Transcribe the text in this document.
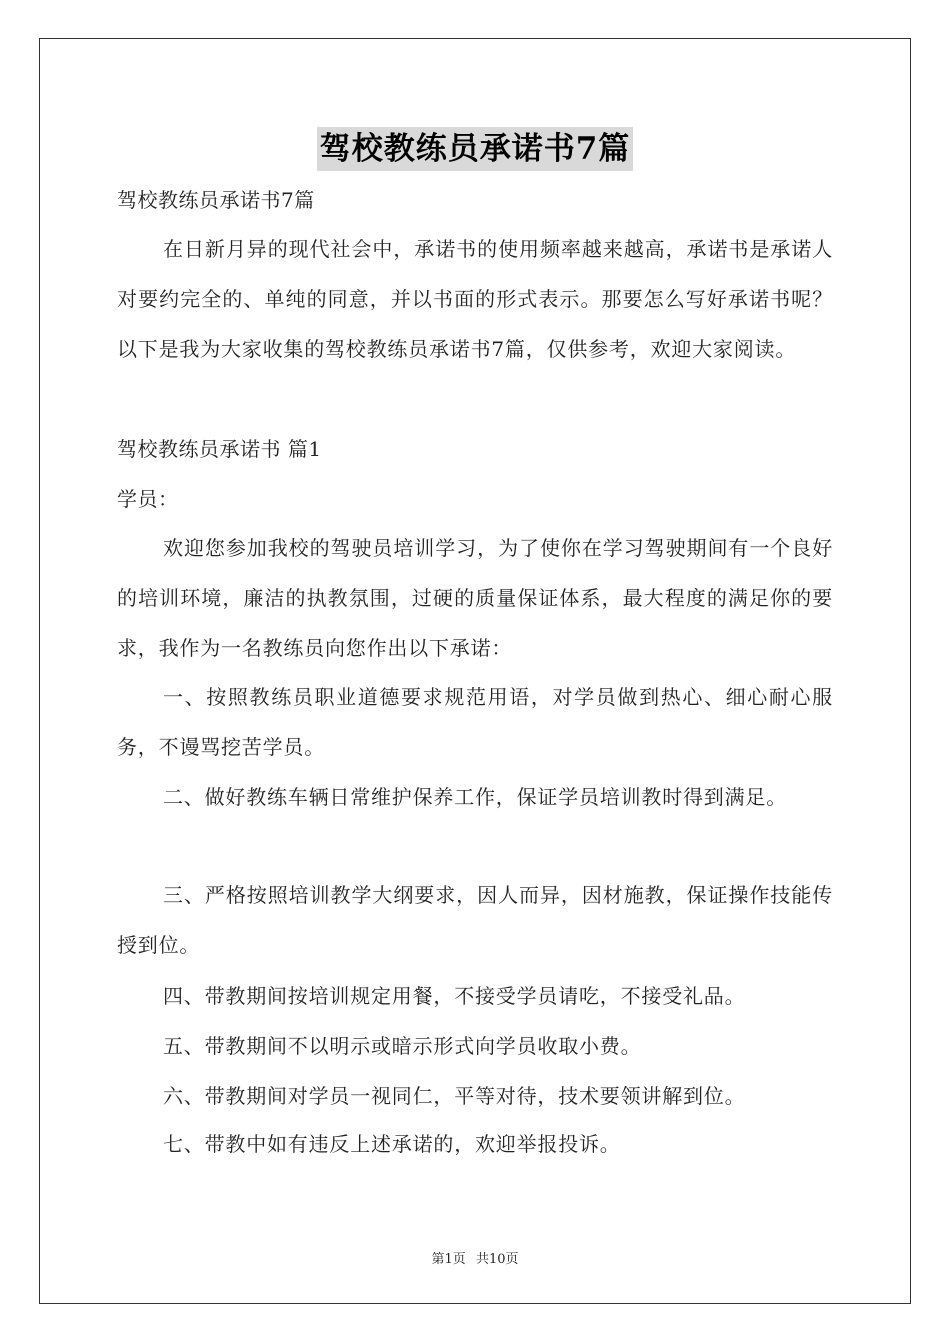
驾校教练员承诺书7篇
驾校教练员承诺书7篇
在日新月异的现代社会中，承诺书的使用频率越来越高，承诺书是承诺人对要约完全的、单纯的同意，并以书面的形式表示。那要怎么写好承诺书呢？以下是我为大家收集的驾校教练员承诺书7篇，仅供参考，欢迎大家阅读。
驾校教练员承诺书 篇1
学员：
欢迎您参加我校的驾驶员培训学习，为了使你在学习驾驶期间有一个良好的培训环境，廉洁的执教氛围，过硬的质量保证体系，最大程度的满足你的要求，我作为一名教练员向您作出以下承诺：
一、按照教练员职业道德要求规范用语，对学员做到热心、细心耐心服务，不谩骂挖苦学员。
二、做好教练车辆日常维护保养工作，保证学员培训教时得到满足。
三、严格按照培训教学大纲要求，因人而异，因材施教，保证操作技能传授到位。
四、带教期间按培训规定用餐，不接受学员请吃，不接受礼品。
五、带教期间不以明示或暗示形式向学员收取小费。
六、带教期间对学员一视同仁，平等对待，技术要领讲解到位。
七、带教中如有违反上述承诺的，欢迎举报投诉。
第1页 共10页
